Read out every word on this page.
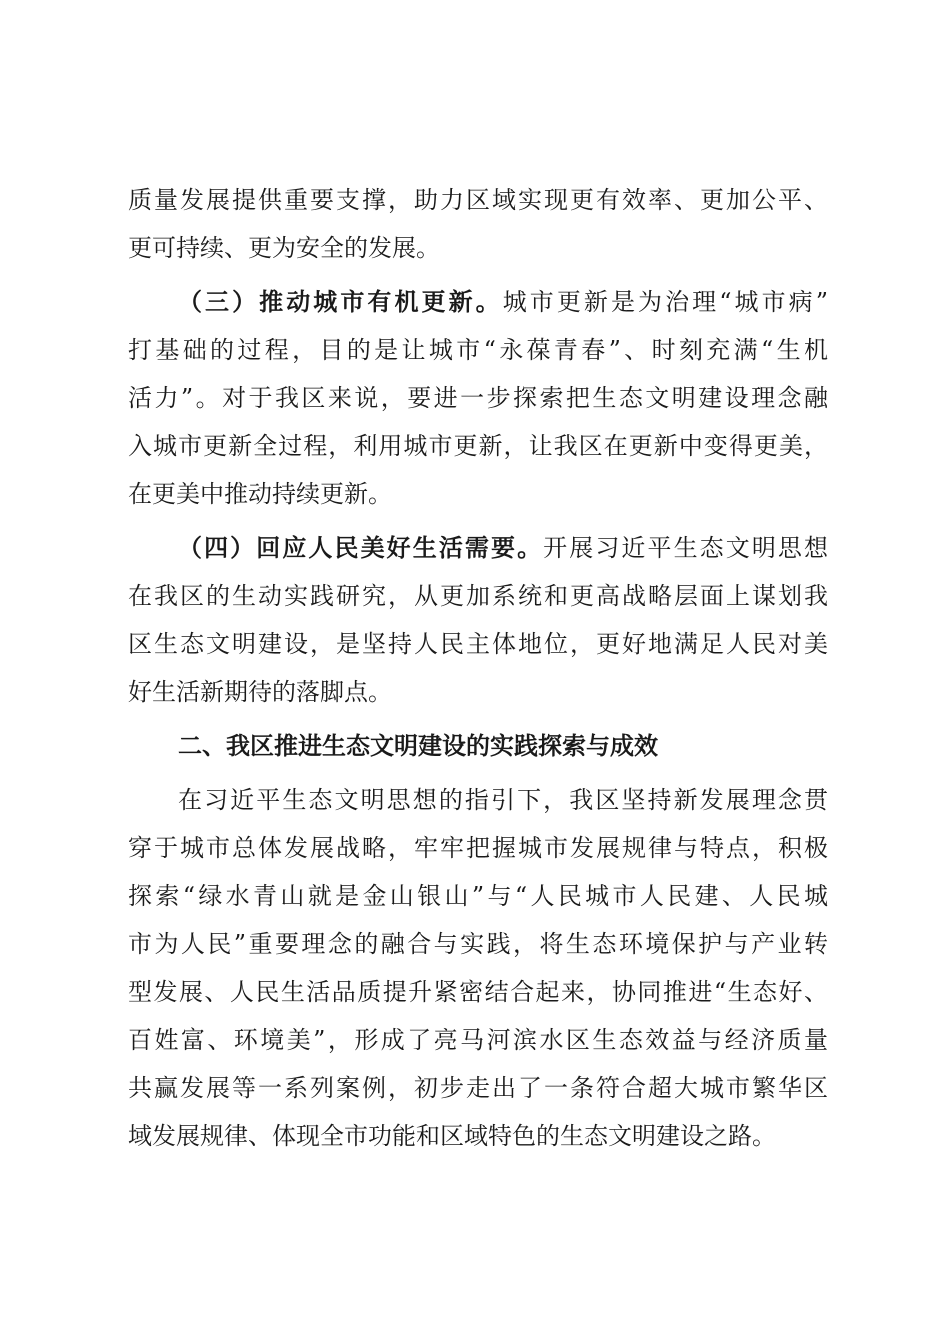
质量发展提供重要支撑，助力区域实现更有效率、更加公平、
更可持续、更为安全的发展。
（三）推动城市有机更新。城市更新是为治理“城市病”
打基础的过程，目的是让城市“永葆青春”、时刻充满“生机
活力”。对于我区来说，要进一步探索把生态文明建设理念融
入城市更新全过程，利用城市更新，让我区在更新中变得更美，
在更美中推动持续更新。
（四）回应人民美好生活需要。开展习近平生态文明思想
在我区的生动实践研究，从更加系统和更高战略层面上谋划我
区生态文明建设，是坚持人民主体地位，更好地满足人民对美
好生活新期待的落脚点。
二、我区推进生态文明建设的实践探索与成效
在习近平生态文明思想的指引下，我区坚持新发展理念贯
穿于城市总体发展战略，牢牢把握城市发展规律与特点，积极
探索“绿水青山就是金山银山”与“人民城市人民建、人民城
市为人民”重要理念的融合与实践，将生态环境保护与产业转
型发展、人民生活品质提升紧密结合起来，协同推进“生态好、
百姓富、环境美”，形成了亮马河滨水区生态效益与经济质量
共赢发展等一系列案例，初步走出了一条符合超大城市繁华区
域发展规律、体现全市功能和区域特色的生态文明建设之路。
